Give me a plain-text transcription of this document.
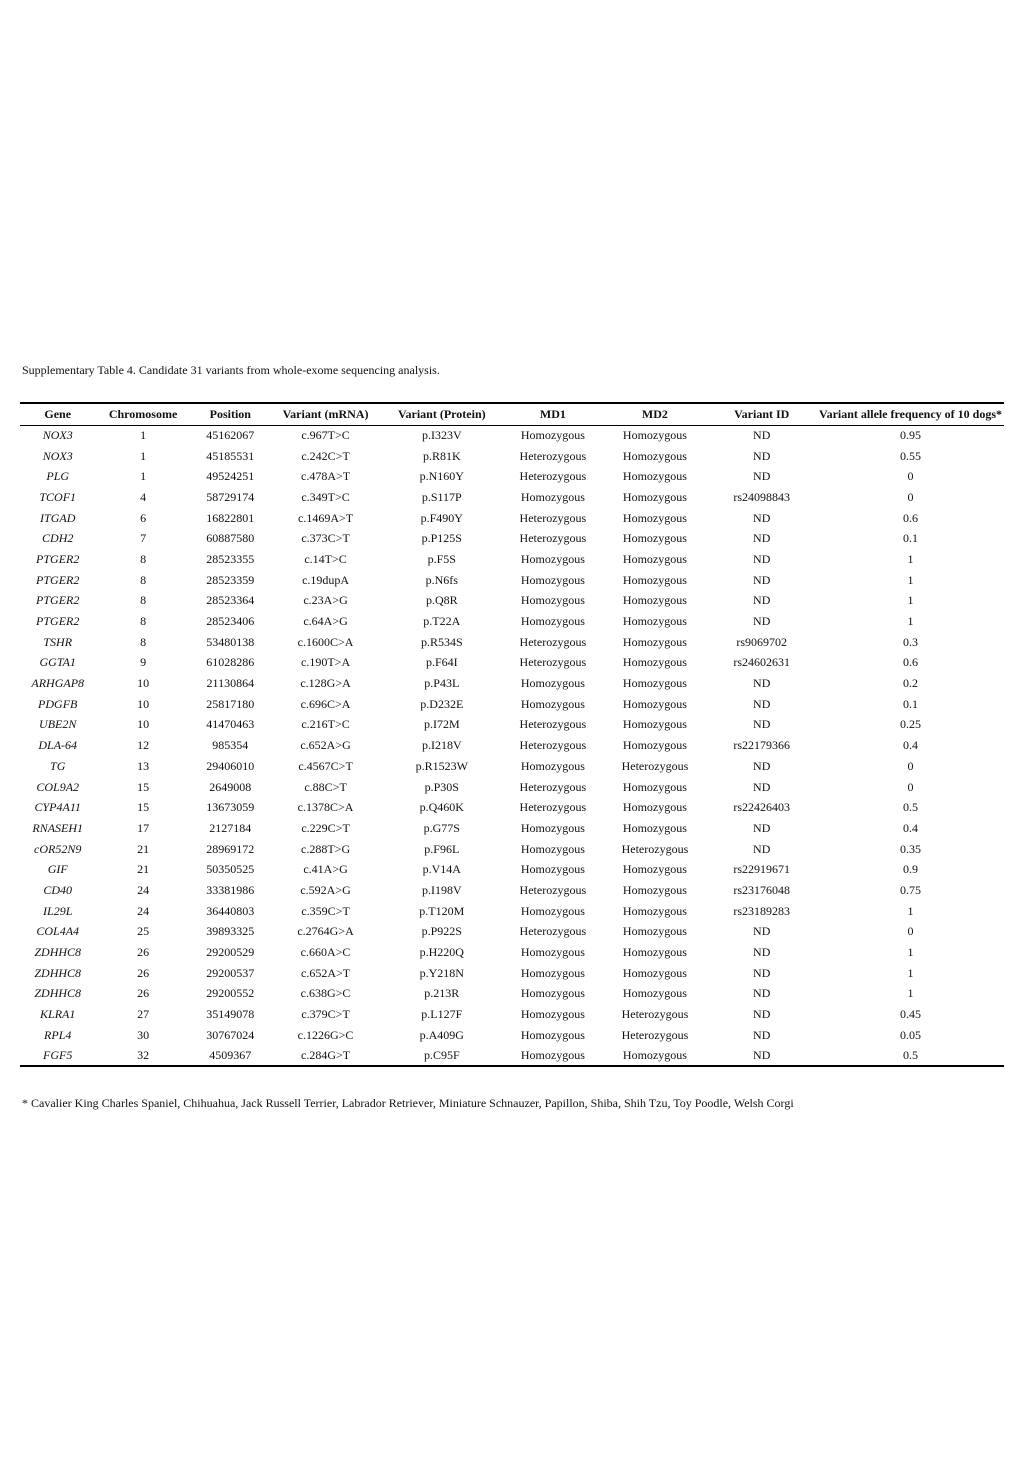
Supplementary Table 4. Candidate 31 variants from whole-exome sequencing analysis.
Gene	Chromosome	Position	Variant (mRNA)	Variant (Protein)	MD1	MD2	Variant ID	Variant allele frequency of 10 dogs*
NOX3	1	45162067	c.967T>C	p.I323V	Homozygous	Homozygous	ND	0.95
NOX3	1	45185531	c.242C>T	p.R81K	Heterozygous	Homozygous	ND	0.55
PLG	1	49524251	c.478A>T	p.N160Y	Heterozygous	Homozygous	ND	0
TCOF1	4	58729174	c.349T>C	p.S117P	Homozygous	Homozygous	rs24098843	0
ITGAD	6	16822801	c.1469A>T	p.F490Y	Heterozygous	Homozygous	ND	0.6
CDH2	7	60887580	c.373C>T	p.P125S	Heterozygous	Homozygous	ND	0.1
PTGER2	8	28523355	c.14T>C	p.F5S	Homozygous	Homozygous	ND	1
PTGER2	8	28523359	c.19dupA	p.N6fs	Homozygous	Homozygous	ND	1
PTGER2	8	28523364	c.23A>G	p.Q8R	Homozygous	Homozygous	ND	1
PTGER2	8	28523406	c.64A>G	p.T22A	Homozygous	Homozygous	ND	1
TSHR	8	53480138	c.1600C>A	p.R534S	Heterozygous	Homozygous	rs9069702	0.3
GGTA1	9	61028286	c.190T>A	p.F64I	Heterozygous	Homozygous	rs24602631	0.6
ARHGAP8	10	21130864	c.128G>A	p.P43L	Homozygous	Homozygous	ND	0.2
PDGFB	10	25817180	c.696C>A	p.D232E	Homozygous	Homozygous	ND	0.1
UBE2N	10	41470463	c.216T>C	p.I72M	Heterozygous	Homozygous	ND	0.25
DLA-64	12	985354	c.652A>G	p.I218V	Heterozygous	Homozygous	rs22179366	0.4
TG	13	29406010	c.4567C>T	p.R1523W	Homozygous	Heterozygous	ND	0
COL9A2	15	2649008	c.88C>T	p.P30S	Heterozygous	Homozygous	ND	0
CYP4A11	15	13673059	c.1378C>A	p.Q460K	Heterozygous	Homozygous	rs22426403	0.5
RNASEH1	17	2127184	c.229C>T	p.G77S	Homozygous	Homozygous	ND	0.4
cOR52N9	21	28969172	c.288T>G	p.F96L	Homozygous	Heterozygous	ND	0.35
GIF	21	50350525	c.41A>G	p.V14A	Homozygous	Homozygous	rs22919671	0.9
CD40	24	33381986	c.592A>G	p.I198V	Heterozygous	Homozygous	rs23176048	0.75
IL29L	24	36440803	c.359C>T	p.T120M	Homozygous	Homozygous	rs23189283	1
COL4A4	25	39893325	c.2764G>A	p.P922S	Heterozygous	Homozygous	ND	0
ZDHHC8	26	29200529	c.660A>C	p.H220Q	Homozygous	Homozygous	ND	1
ZDHHC8	26	29200537	c.652A>T	p.Y218N	Homozygous	Homozygous	ND	1
ZDHHC8	26	29200552	c.638G>C	p.213R	Homozygous	Homozygous	ND	1
KLRA1	27	35149078	c.379C>T	p.L127F	Homozygous	Heterozygous	ND	0.45
RPL4	30	30767024	c.1226G>C	p.A409G	Homozygous	Heterozygous	ND	0.05
FGF5	32	4509367	c.284G>T	p.C95F	Homozygous	Homozygous	ND	0.5
* Cavalier King Charles Spaniel, Chihuahua, Jack Russell Terrier, Labrador Retriever, Miniature Schnauzer, Papillon, Shiba, Shih Tzu, Toy Poodle, Welsh Corgi
